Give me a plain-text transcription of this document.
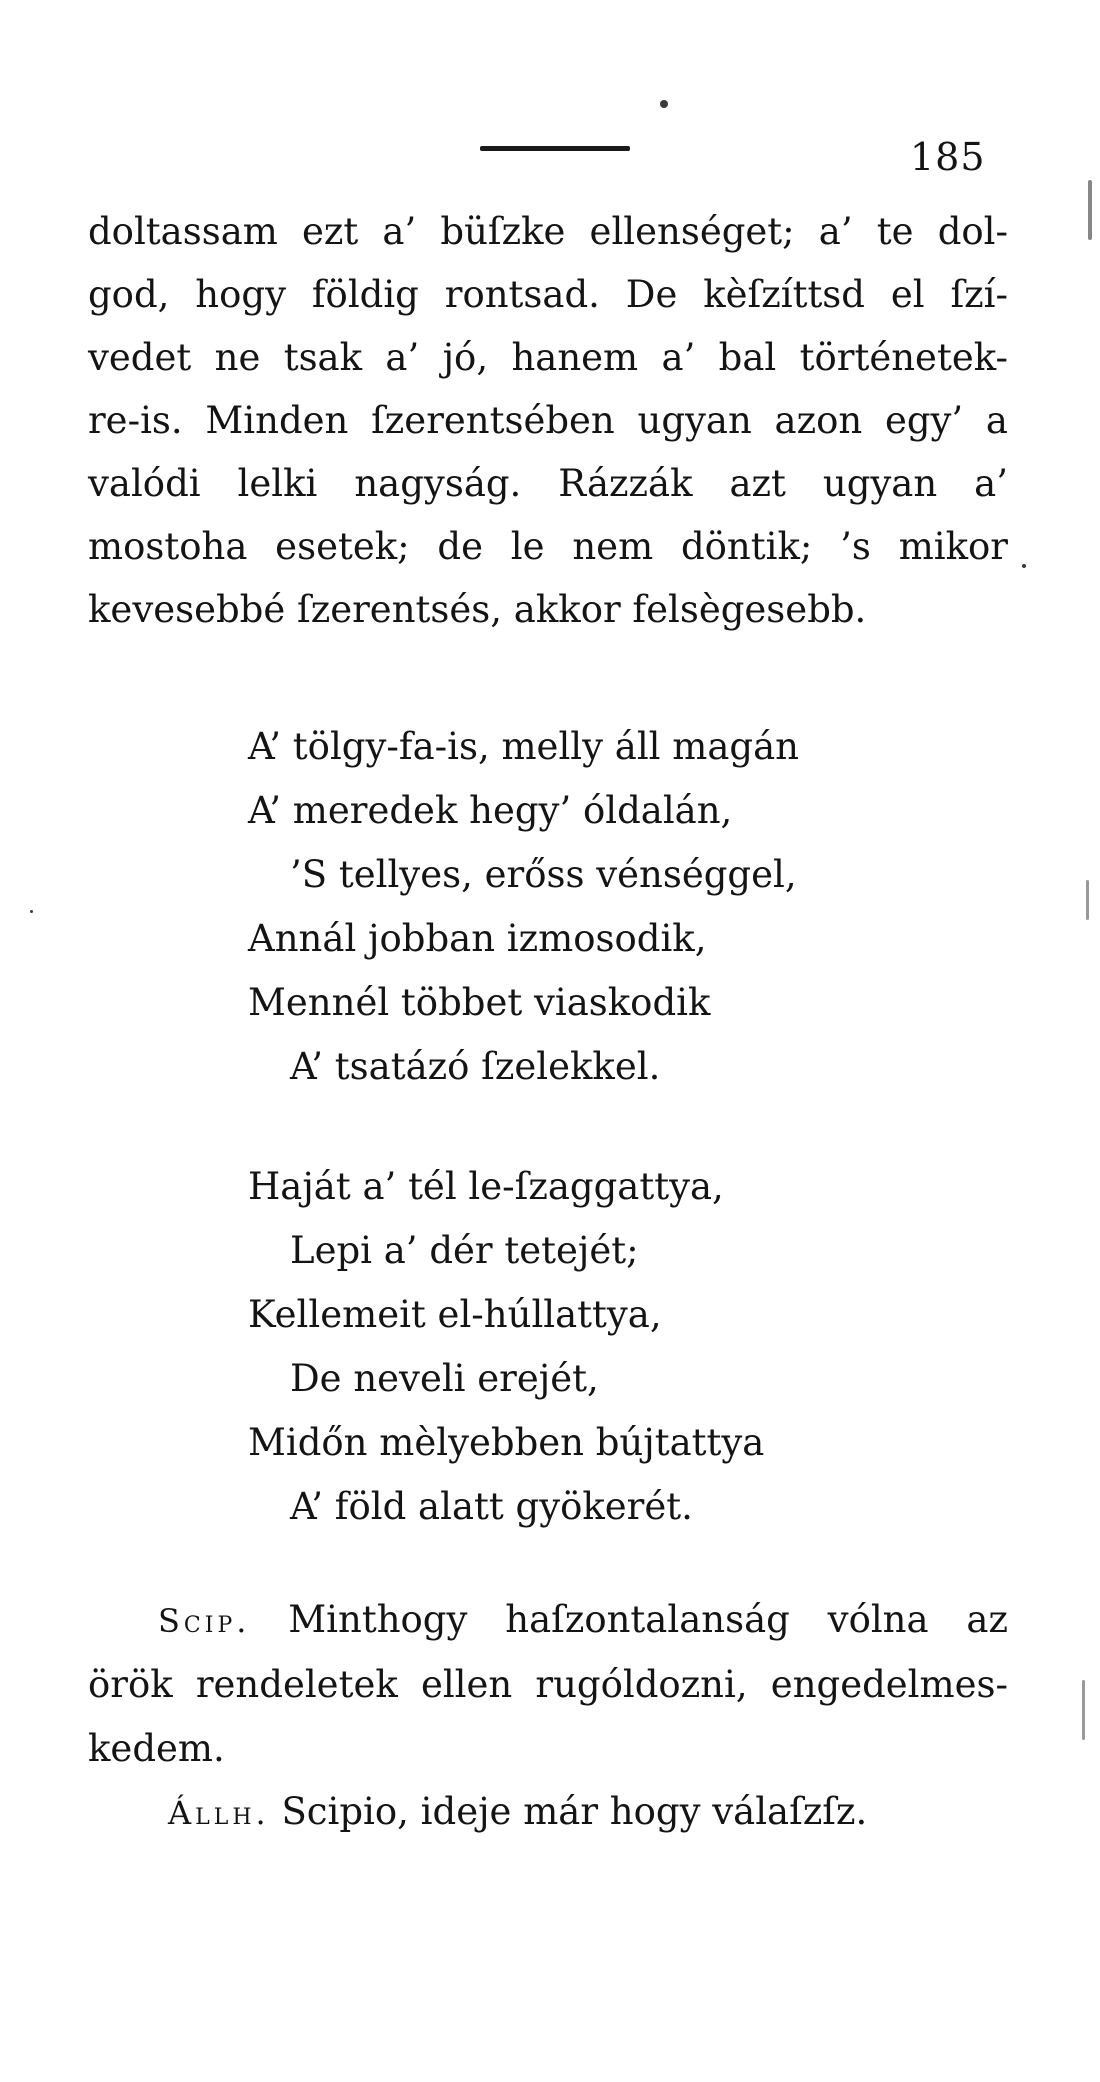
185
doltassam ezt a’ büſzke ellenséget; a’ te dol-
god, hogy földig rontsad. De kèſzíttsd el ſzí-
vedet ne tsak a’ jó, hanem a’ bal történetek-
re-is. Minden ſzerentsében ugyan azon egy’ a
valódi lelki nagyság. Rázzák azt ugyan a’
mostoha esetek; de le nem döntik; ’s mikor
kevesebbé ſzerentsés, akkor felsègesebb.
A’ tölgy-fa-is, melly áll magán
A’ meredek hegy’ óldalán,
’S tellyes, erőss vénséggel,
Annál jobban izmosodik,
Mennél többet viaskodik
A’ tsatázó ſzelekkel.
Haját a’ tél le-ſzaggattya,
Lepi a’ dér tetejét;
Kellemeit el-húllattya,
De neveli erejét,
Midőn mèlyebben bújtattya
A’ föld alatt gyökerét.
Scip. Minthogy haſzontalanság vólna az
örök rendeletek ellen rugóldozni, engedelmes-
kedem.
Állh. Scipio, ideje már hogy válaſzſz.
